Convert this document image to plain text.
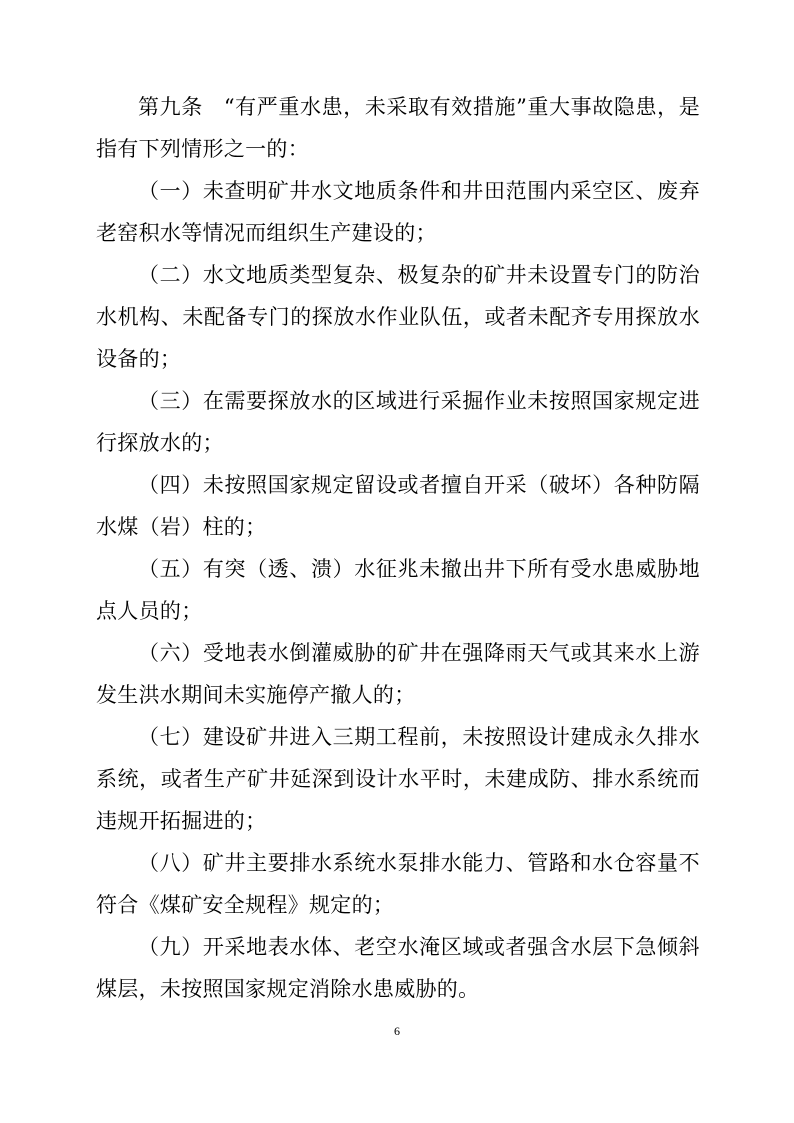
第九条 “有严重水患，未采取有效措施”重大事故隐患，是指有下列情形之一的：

（一）未查明矿井水文地质条件和井田范围内采空区、废弃老窑积水等情况而组织生产建设的；

（二）水文地质类型复杂、极复杂的矿井未设置专门的防治水机构、未配备专门的探放水作业队伍，或者未配齐专用探放水设备的；

（三）在需要探放水的区域进行采掘作业未按照国家规定进行探放水的；

（四）未按照国家规定留设或者擅自开采（破坏）各种防隔水煤（岩）柱的；

（五）有突（透、溃）水征兆未撤出井下所有受水患威胁地点人员的；

（六）受地表水倒灌威胁的矿井在强降雨天气或其来水上游发生洪水期间未实施停产撤人的；

（七）建设矿井进入三期工程前，未按照设计建成永久排水系统，或者生产矿井延深到设计水平时，未建成防、排水系统而违规开拓掘进的；

（八）矿井主要排水系统水泵排水能力、管路和水仓容量不符合《煤矿安全规程》规定的；

（九）开采地表水体、老空水淹区域或者强含水层下急倾斜煤层，未按照国家规定消除水患威胁的。

6
